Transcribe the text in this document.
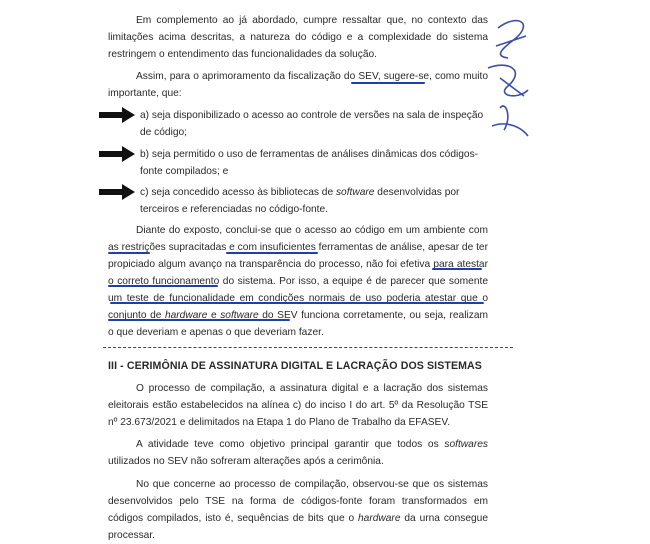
Em complemento ao já abordado, cumpre ressaltar que, no contexto das limitações acima descritas, a natureza do código e a complexidade do sistema restringem o entendimento das funcionalidades da solução.

Assim, para o aprimoramento da fiscalização do SEV, sugere-se, como muito importante, que:

a) seja disponibilizado o acesso ao controle de versões na sala de inspeção de código;
b) seja permitido o uso de ferramentas de análises dinâmicas dos códigos-fonte compilados; e
c) seja concedido acesso às bibliotecas de software desenvolvidas por terceiros e referenciadas no código-fonte.

Diante do exposto, conclui-se que o acesso ao código em um ambiente com as restrições supracitadas e com insuficientes ferramentas de análise, apesar de ter propiciado algum avanço na transparência do processo, não foi efetiva para atestar o correto funcionamento do sistema. Por isso, a equipe é de parecer que somente um teste de funcionalidade em condições normais de uso poderia atestar que o conjunto de hardware e software do SEV funciona corretamente, ou seja, realizam o que deveriam e apenas o que deveriam fazer.

III - CERIMÔNIA DE ASSINATURA DIGITAL E LACRAÇÃO DOS SISTEMAS

O processo de compilação, a assinatura digital e a lacração dos sistemas eleitorais estão estabelecidos na alínea c) do inciso I do art. 5º da Resolução TSE nº 23.673/2021 e delimitados na Etapa 1 do Plano de Trabalho da EFASEV.

A atividade teve como objetivo principal garantir que todos os softwares utilizados no SEV não sofreram alterações após a cerimônia.

No que concerne ao processo de compilação, observou-se que os sistemas desenvolvidos pelo TSE na forma de códigos-fonte foram transformados em códigos compilados, isto é, sequências de bits que o hardware da urna consegue processar.
